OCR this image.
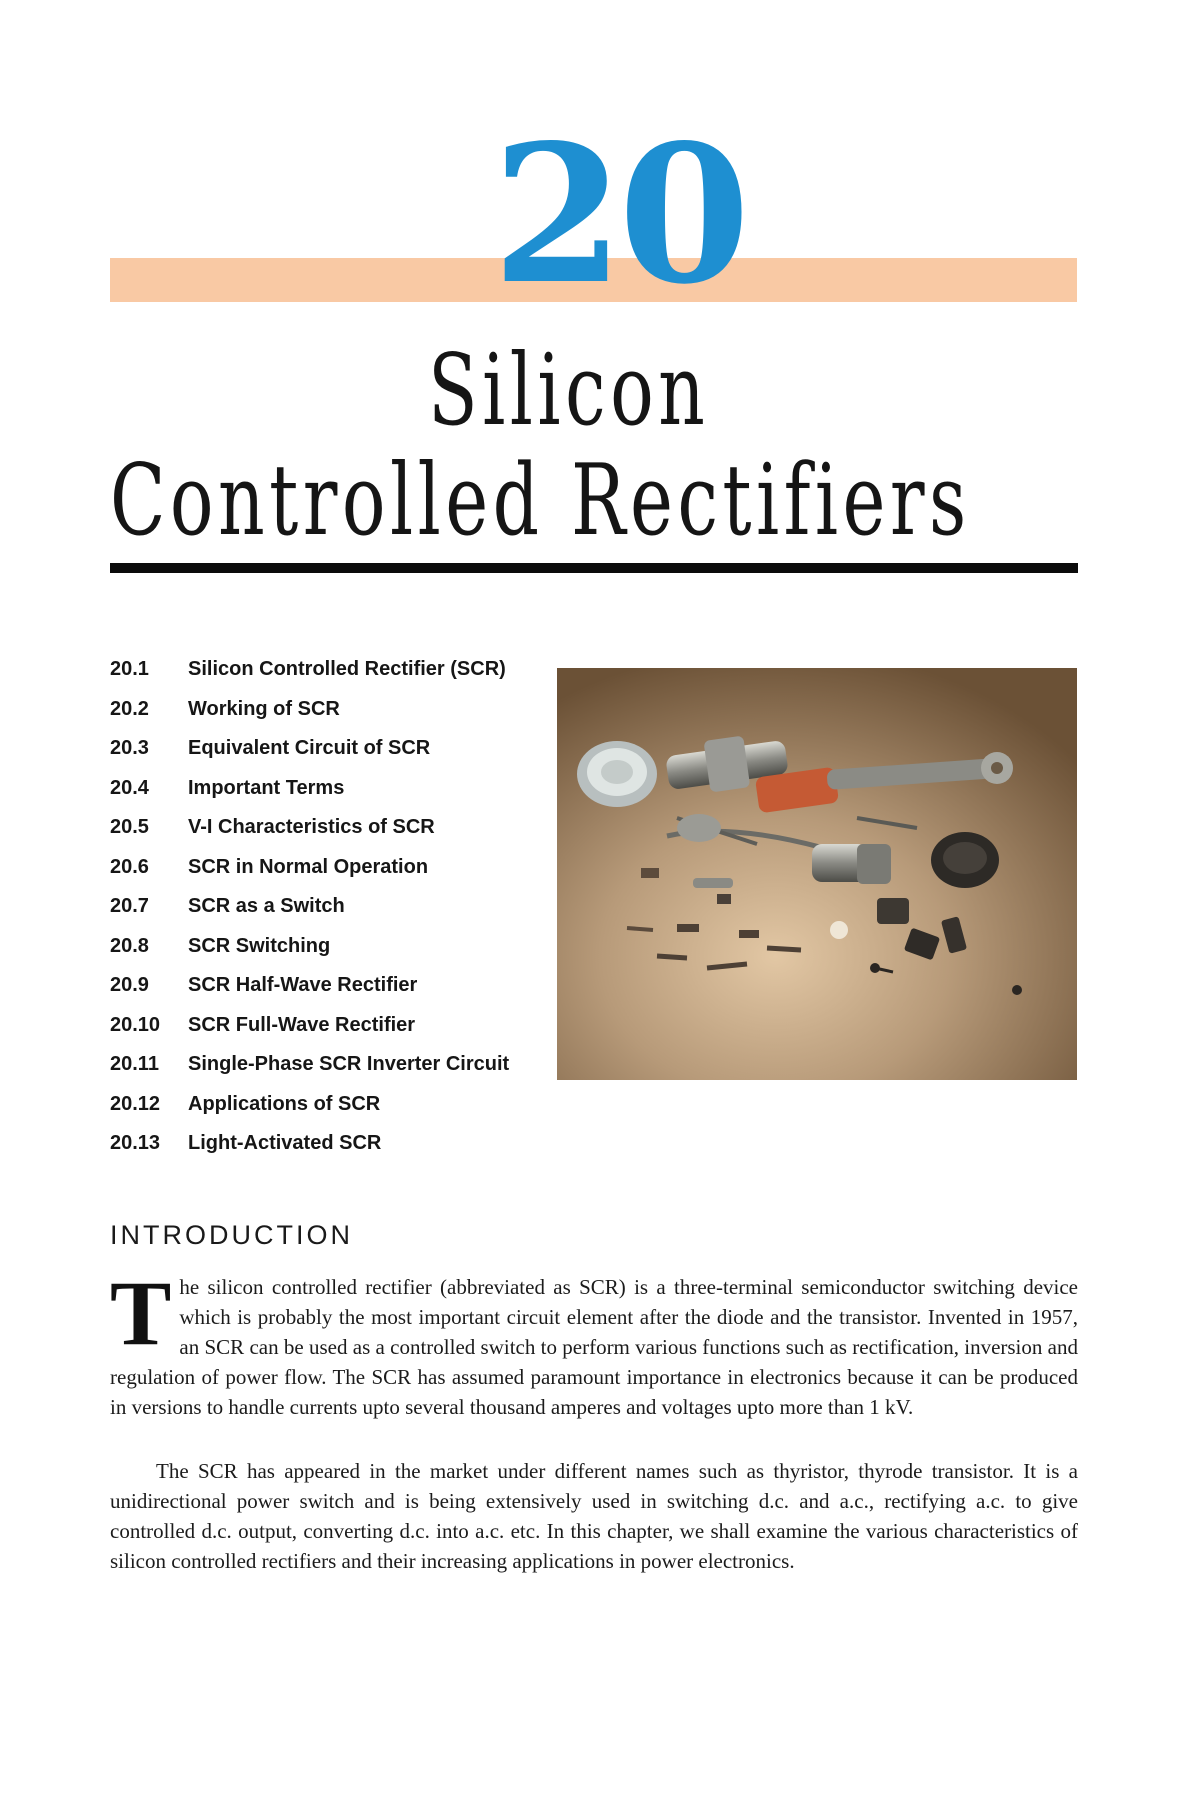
20
Silicon
Controlled Rectifiers
20.1	Silicon Controlled Rectifier (SCR)
20.2	Working of SCR
20.3	Equivalent Circuit of SCR
20.4	Important Terms
20.5	V-I Characteristics of SCR
20.6	SCR in Normal Operation
20.7	SCR as a Switch
20.8	SCR Switching
20.9	SCR Half-Wave Rectifier
20.10	SCR Full-Wave Rectifier
20.11	Single-Phase SCR Inverter Circuit
20.12	Applications of SCR
20.13	Light-Activated SCR
INTRODUCTION

The silicon controlled rectifier (abbreviated as SCR) is a three-terminal semiconductor switching device which is probably the most important circuit element after the diode and the transistor. Invented in 1957, an SCR can be used as a controlled switch to perform various functions such as rectification, inversion and regulation of power flow. The SCR has assumed paramount importance in electronics because it can be produced in versions to handle currents upto several thousand amperes and voltages upto more than 1 kV.

The SCR has appeared in the market under different names such as thyristor, thyrode transistor. It is a unidirectional power switch and is being extensively used in switching d.c. and a.c., rectifying a.c. to give controlled d.c. output, converting d.c. into a.c. etc. In this chapter, we shall examine the various characteristics of silicon controlled rectifiers and their increasing applications in power electronics.
